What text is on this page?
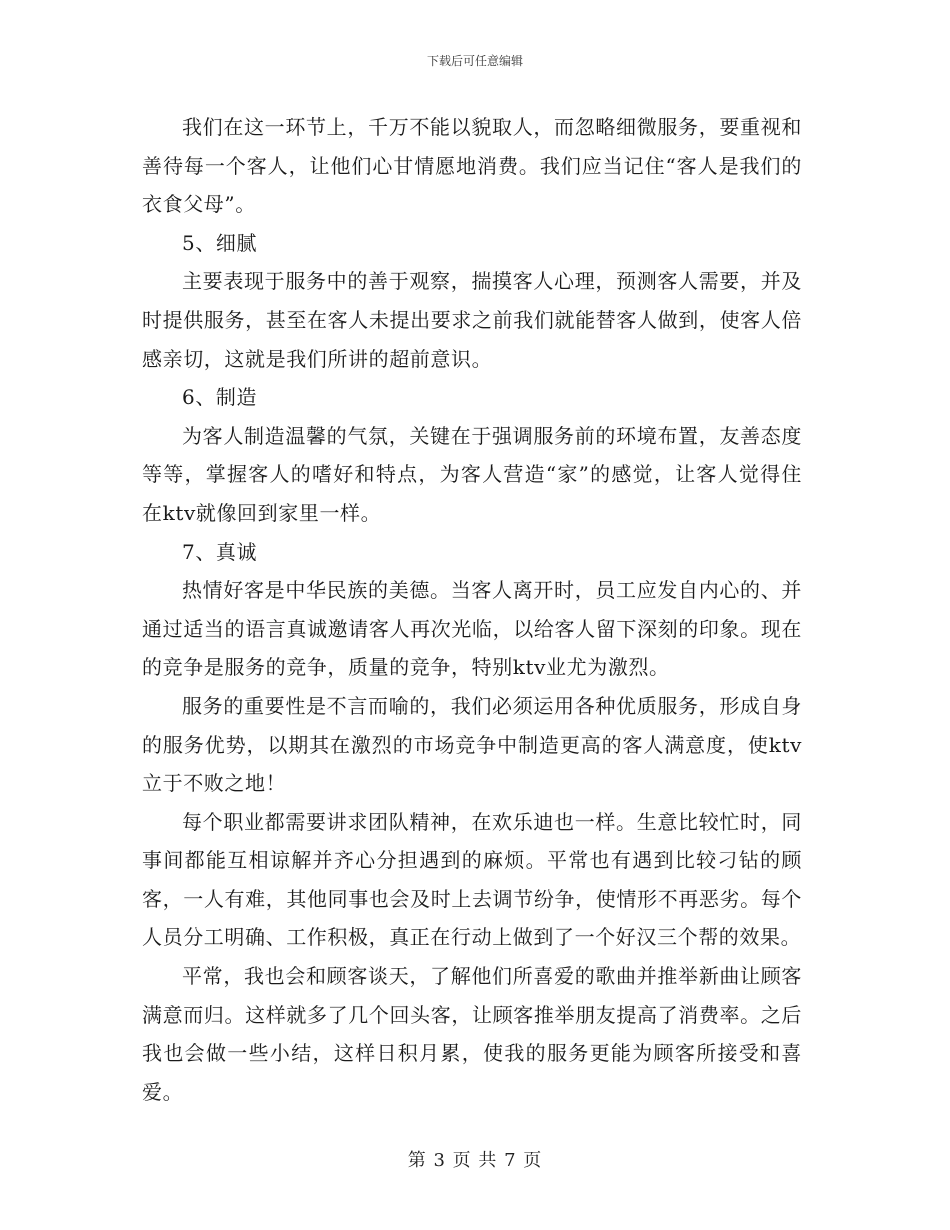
下载后可任意编辑

我们在这一环节上，千万不能以貌取人，而忽略细微服务，要重视和善待每一个客人，让他们心甘情愿地消费。我们应当记住“客人是我们的衣食父母”。

5、细腻

主要表现于服务中的善于观察，揣摸客人心理，预测客人需要，并及时提供服务，甚至在客人未提出要求之前我们就能替客人做到，使客人倍感亲切，这就是我们所讲的超前意识。

6、制造

为客人制造温馨的气氛，关键在于强调服务前的环境布置，友善态度等等，掌握客人的嗜好和特点，为客人营造“家”的感觉，让客人觉得住在ktv就像回到家里一样。

7、真诚

热情好客是中华民族的美德。当客人离开时，员工应发自内心的、并通过适当的语言真诚邀请客人再次光临，以给客人留下深刻的印象。现在的竞争是服务的竞争，质量的竞争，特别ktv业尤为激烈。

服务的重要性是不言而喻的，我们必须运用各种优质服务，形成自身的服务优势，以期其在激烈的市场竞争中制造更高的客人满意度，使ktv立于不败之地！

每个职业都需要讲求团队精神，在欢乐迪也一样。生意比较忙时，同事间都能互相谅解并齐心分担遇到的麻烦。平常也有遇到比较刁钻的顾客，一人有难，其他同事也会及时上去调节纷争，使情形不再恶劣。每个人员分工明确、工作积极，真正在行动上做到了一个好汉三个帮的效果。

平常，我也会和顾客谈天，了解他们所喜爱的歌曲并推举新曲让顾客满意而归。这样就多了几个回头客，让顾客推举朋友提高了消费率。之后我也会做一些小结，这样日积月累，使我的服务更能为顾客所接受和喜爱。

第 3 页 共 7 页
